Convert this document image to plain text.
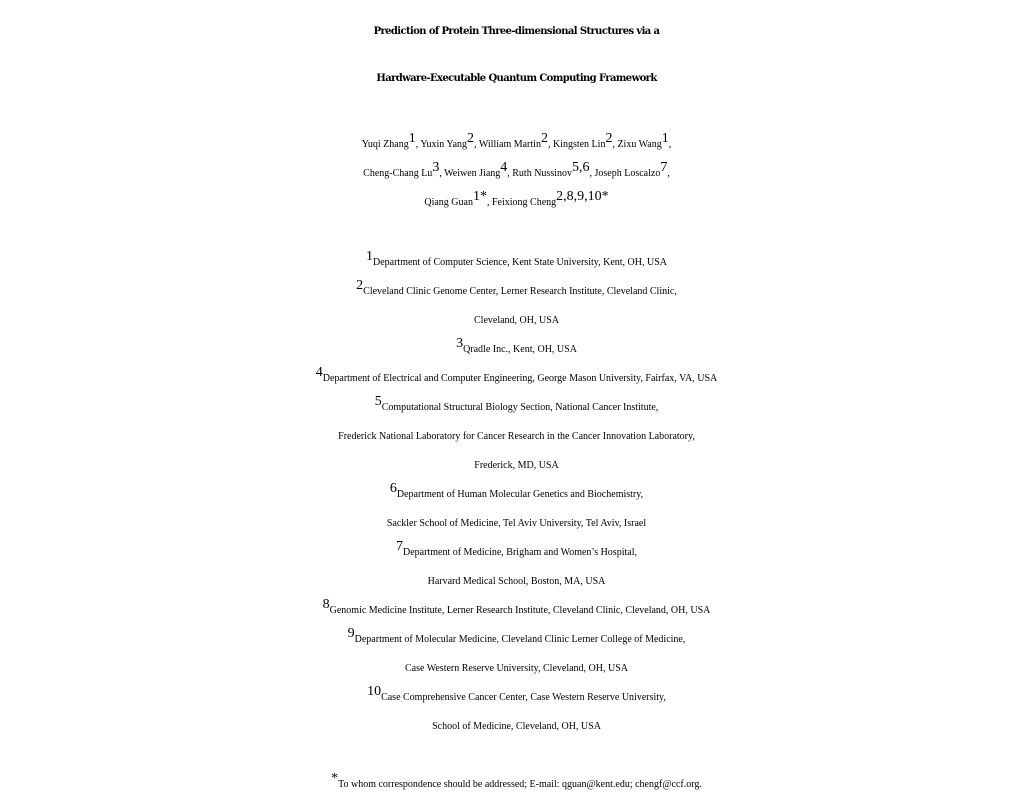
Prediction of Protein Three-dimensional Structures via a
Hardware-Executable Quantum Computing Framework
Yuqi Zhang$^1$, Yuxin Yang$^2$, William Martin$^2$, Kingsten Lin$^2$, Zixu Wang$^1$,
Cheng-Chang Lu$^3$, Weiwen Jiang$^4$, Ruth Nussinov$^{5,6}$, Joseph Loscalzo$^7$,
Qiang Guan$^{1*}$, Feixiong Cheng$^{2,8,9,10*}$
$^1$Department of Computer Science, Kent State University, Kent, OH, USA
$^2$Cleveland Clinic Genome Center, Lerner Research Institute, Cleveland Clinic,
Cleveland, OH, USA
$^3$Qradle Inc., Kent, OH, USA
$^4$Department of Electrical and Computer Engineering, George Mason University, Fairfax, VA, USA
$^5$Computational Structural Biology Section, National Cancer Institute,
Frederick National Laboratory for Cancer Research in the Cancer Innovation Laboratory,
Frederick, MD, USA
$^6$Department of Human Molecular Genetics and Biochemistry,
Sackler School of Medicine, Tel Aviv University, Tel Aviv, Israel
$^7$Department of Medicine, Brigham and Women’s Hospital,
Harvard Medical School, Boston, MA, USA
$^8$Genomic Medicine Institute, Lerner Research Institute, Cleveland Clinic, Cleveland, OH, USA
$^9$Department of Molecular Medicine, Cleveland Clinic Lerner College of Medicine,
Case Western Reserve University, Cleveland, OH, USA
$^{10}$Case Comprehensive Cancer Center, Case Western Reserve University,
School of Medicine, Cleveland, OH, USA

*To whom correspondence should be addressed; E-mail: qguan@kent.edu; chengf@ccf.org.
